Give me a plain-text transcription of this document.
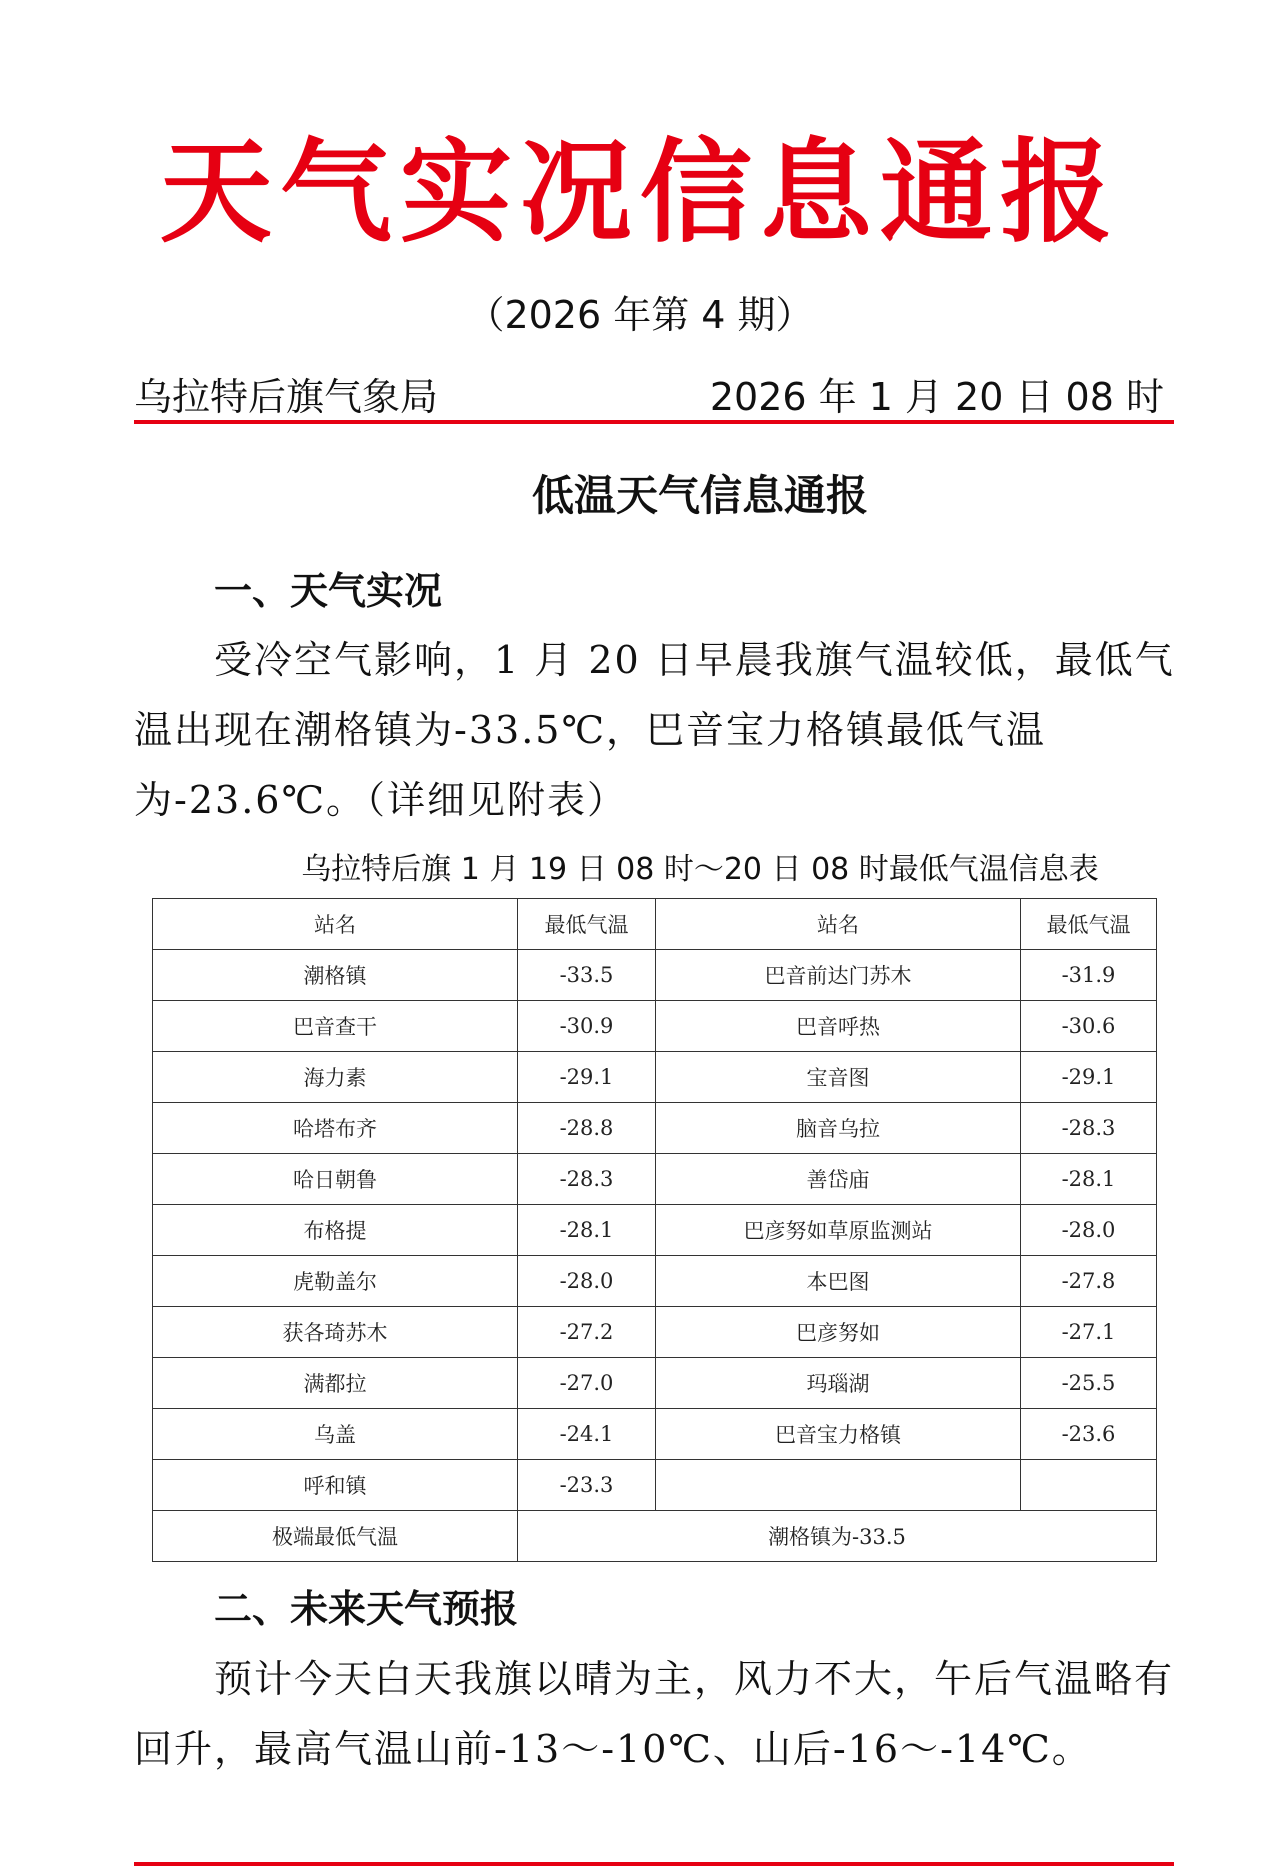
天气实况信息通报
（2026 年第 4 期）
乌拉特后旗气象局	2026 年 1 月 20 日 08 时
低温天气信息通报
一、天气实况
受冷空气影响，1 月 20 日早晨我旗气温较低，最低气温出现在潮格镇为-33.5℃，巴音宝力格镇最低气温为-23.6℃。（详细见附表）
乌拉特后旗 1 月 19 日 08 时～20 日 08 时最低气温信息表
站名	最低气温	站名	最低气温
潮格镇	-33.5	巴音前达门苏木	-31.9
巴音查干	-30.9	巴音呼热	-30.6
海力素	-29.1	宝音图	-29.1
哈塔布齐	-28.8	脑音乌拉	-28.3
哈日朝鲁	-28.3	善岱庙	-28.1
布格提	-28.1	巴彦努如草原监测站	-28.0
虎勒盖尔	-28.0	本巴图	-27.8
获各琦苏木	-27.2	巴彦努如	-27.1
满都拉	-27.0	玛瑙湖	-25.5
乌盖	-24.1	巴音宝力格镇	-23.6
呼和镇	-23.3		
极端最低气温	潮格镇为-33.5		
二、未来天气预报
预计今天白天我旗以晴为主，风力不大，午后气温略有回升，最高气温山前-13～-10℃、山后-16～-14℃。
